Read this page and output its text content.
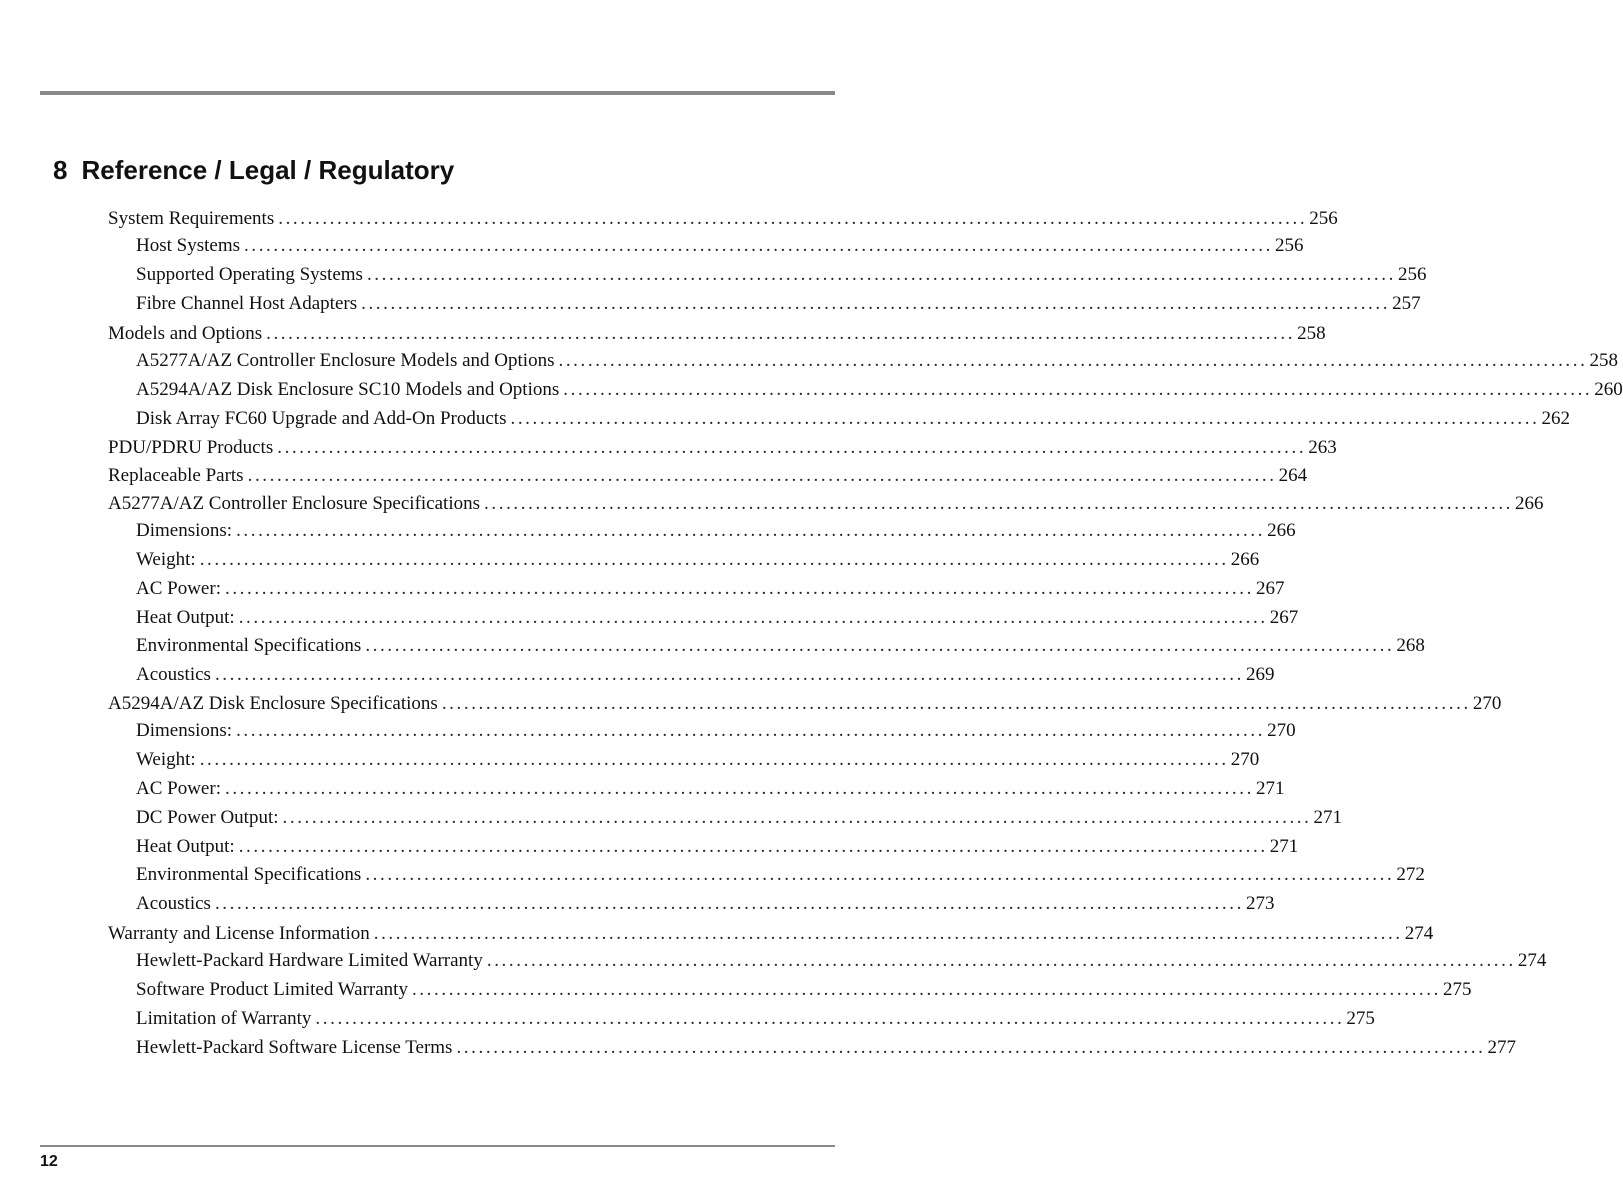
8 Reference / Legal / Regulatory
System Requirements ............................................................................................................................................ 256
Host Systems ............................................................................................................................................ 256
Supported Operating Systems ............................................................................................................................................ 256
Fibre Channel Host Adapters ............................................................................................................................................ 257
Models and Options ............................................................................................................................................ 258
A5277A/AZ Controller Enclosure Models and Options ............................................................................................................................................ 258
A5294A/AZ Disk Enclosure SC10 Models and Options ............................................................................................................................................ 260
Disk Array FC60 Upgrade and Add-On Products ............................................................................................................................................ 262
PDU/PDRU Products ............................................................................................................................................ 263
Replaceable Parts ............................................................................................................................................ 264
A5277A/AZ Controller Enclosure Specifications ............................................................................................................................................ 266
Dimensions: ............................................................................................................................................ 266
Weight: ............................................................................................................................................ 266
AC Power: ............................................................................................................................................ 267
Heat Output: ............................................................................................................................................ 267
Environmental Specifications ............................................................................................................................................ 268
Acoustics ............................................................................................................................................ 269
A5294A/AZ Disk Enclosure Specifications ............................................................................................................................................ 270
Dimensions: ............................................................................................................................................ 270
Weight: ............................................................................................................................................ 270
AC Power: ............................................................................................................................................ 271
DC Power Output: ............................................................................................................................................ 271
Heat Output: ............................................................................................................................................ 271
Environmental Specifications ............................................................................................................................................ 272
Acoustics ............................................................................................................................................ 273
Warranty and License Information ............................................................................................................................................ 274
Hewlett-Packard Hardware Limited Warranty ............................................................................................................................................ 274
Software Product Limited Warranty ............................................................................................................................................ 275
Limitation of Warranty ............................................................................................................................................ 275
Hewlett-Packard Software License Terms ............................................................................................................................................ 277
12
